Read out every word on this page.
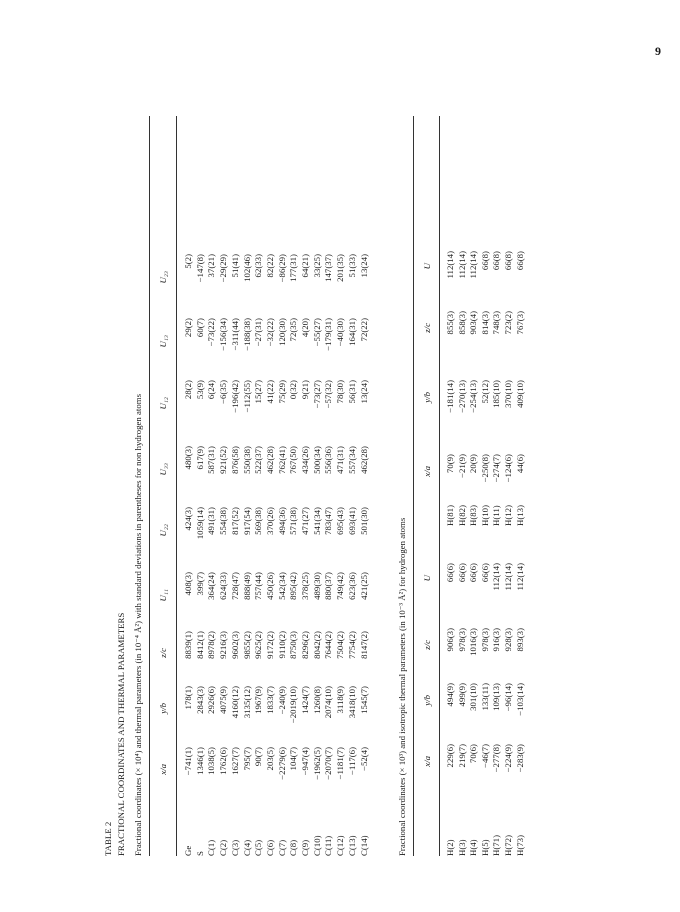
9
TABLE 2 FRACTIONAL COORDINATES AND THERMAL PARAMETERS Fractional coordinates (× 10⁴) and thermal parameters (in 10⁻⁴ Å²) with standard deviations in parentheses for non hydrogen atoms x/a
y/b
z/c
U₁₁
U₂₂
U₃₃
U₁₂
U₁₃
U₂₃
Ge
−741(1)
178(1)
8839(1)
408(3)
424(3)
480(3)
28(2)
29(2)
5(2)
S
1346(1)
2843(3)
8412(1)
399(7)
1059(14)
617(9)
53(9)
60(7)
−147(8)
C(1)
1038(5)
2926(6)
8978(2)
364(24)
491(31)
587(31)
6(24)
−73(22)
37(21)
C(2)
1762(6)
4075(9)
9216(3)
624(33)
554(38)
921(52)
−6(35)
−156(34)
−29(29)
C(3)
1627(7)
4160(12)
9602(3)
728(47)
817(52)
876(58)
−196(42)
−311(44)
51(41)
C(4)
795(7)
3135(12)
9855(2)
888(49)
917(54)
550(38)
−112(55)
−188(38)
102(46)
C(5)
90(7)
1967(9)
9625(2)
757(44)
569(38)
522(37)
15(27)
−27(31)
62(33)
C(6)
203(5)
1833(7)
9172(2)
450(26)
370(26)
462(28)
41(22)
−32(22)
82(22)
C(7)
−2279(6)
−240(9)
9110(2)
542(34)
494(36)
762(41)
75(29)
120(30)
−86(29)
C(8)
104(7)
−2019(10)
8750(3)
895(42)
571(38)
767(50)
0(32)
72(35)
177(31)
C(9)
−947(4)
1424(7)
8296(2)
378(25)
471(27)
434(26)
9(21)
4(20)
64(21)
C(10)
−1962(5)
1260(8)
8042(2)
489(30)
541(34)
500(34)
−73(27)
−55(27)
33(25)
C(11)
−2070(7)
2074(10)
7644(2)
880(37)
783(47)
556(36)
−57(32)
−179(31)
147(37)
C(12)
−1181(7)
3118(9)
7504(2)
749(42)
695(43)
471(31)
78(30)
−40(30)
201(35)
C(13)
−117(6)
3418(10)
7754(2)
623(36)
693(41)
557(34)
56(31)
164(31)
51(33)
C(14)
−52(4)
1545(7)
8147(2)
421(25)
501(30)
462(28)
13(24)
72(22)
13(24)
Fractional coordinates (× 10³) and isotropic thermal parameters (in 10⁻³ Å²) for hydrogen atoms x/a
y/b
z/c
U
x/a
y/b
z/c
U
H(2)
229(6)
494(9)
906(3)
66(6)
H(81)
70(9)
−181(14)
855(3)
112(14)
H(3)
219(7)
499(9)
978(3)
66(6)
H(82)
−21(9)
−270(13)
858(3)
112(14)
H(4)
70(6)
301(10)
1016(3)
66(6)
H(83)
20(9)
−254(13)
903(4)
112(14)
H(5)
−46(7)
133(11)
978(3)
66(6)
H(10)
−250(8)
52(12)
814(3)
66(8)
H(71)
−277(8)
109(13)
916(3)
112(14)
H(11)
−274(7)
185(10)
748(3)
66(8)
H(72)
−224(9)
−96(14)
928(3)
112(14)
H(12)
−124(6)
370(10)
723(2)
66(8)
H(73)
−283(9)
−103(14)
893(3)
112(14)
H(13)
44(6)
409(10)
767(3)
66(8)
